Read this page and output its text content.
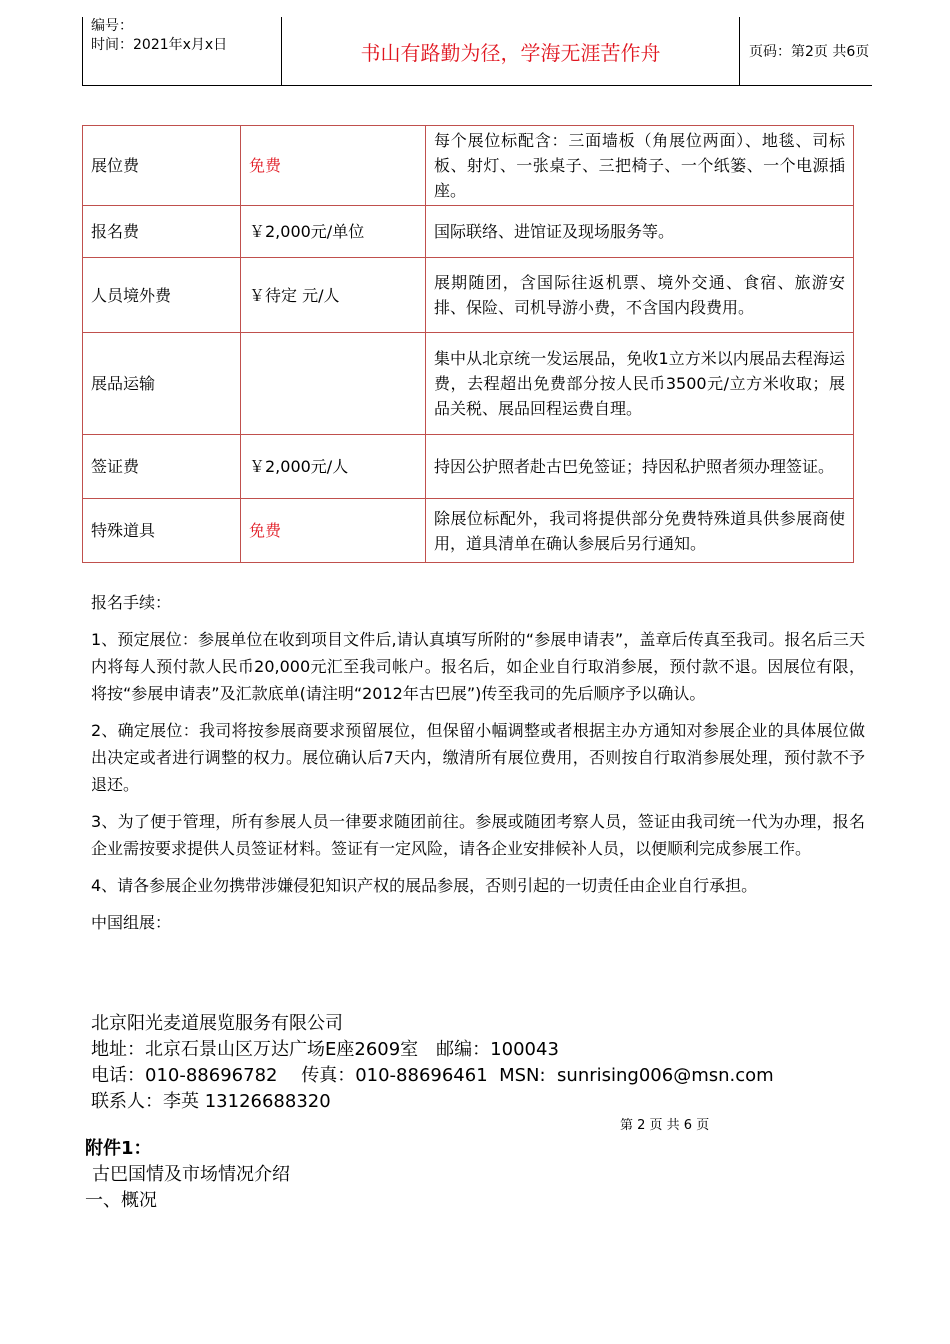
编号：
时间：2021年x月x日	书山有路勤为径，学海无涯苦作舟	页码：第2页 共6页
展位费	免费	每个展位标配含：三面墙板（角展位两面）、地毯、司标板、射灯、一张桌子、三把椅子、一个纸篓、一个电源插座。
报名费	￥2,000元/单位	国际联络、进馆证及现场服务等。
人员境外费	￥待定 元/人	展期随团，含国际往返机票、境外交通、食宿、旅游安排、保险、司机导游小费，不含国内段费用。
展品运输		集中从北京统一发运展品，免收1立方米以内展品去程海运费，去程超出免费部分按人民币3500元/立方米收取；展品关税、展品回程运费自理。
签证费	￥2,000元/人	持因公护照者赴古巴免签证；持因私护照者须办理签证。
特殊道具	免费	除展位标配外，我司将提供部分免费特殊道具供参展商使用，道具清单在确认参展后另行通知。

报名手续：

1、预定展位：参展单位在收到项目文件后,请认真填写所附的“参展申请表”，盖章后传真至我司。报名后三天内将每人预付款人民币20,000元汇至我司帐户。报名后，如企业自行取消参展，预付款不退。因展位有限，将按“参展申请表”及汇款底单(请注明“2012年古巴展”)传至我司的先后顺序予以确认。

2、确定展位：我司将按参展商要求预留展位，但保留小幅调整或者根据主办方通知对参展企业的具体展位做出决定或者进行调整的权力。展位确认后7天内，缴清所有展位费用，否则按自行取消参展处理，预付款不予退还。

3、为了便于管理，所有参展人员一律要求随团前往。参展或随团考察人员，签证由我司统一代为办理，报名企业需按要求提供人员签证材料。签证有一定风险，请各企业安排候补人员，以便顺利完成参展工作。

4、请各参展企业勿携带涉嫌侵犯知识产权的展品参展，否则引起的一切责任由企业自行承担。

中国组展：

北京阳光麦道展览服务有限公司

地址：北京石景山区万达广场E座2609室　邮编：100043

电话：010-88696782　 传真：010-88696461  MSN:  sunrising006@msn.com

联系人：李英 13126688320

第 2 页 共 6 页

附件1：

古巴国情及市场情况介绍

一、概况
